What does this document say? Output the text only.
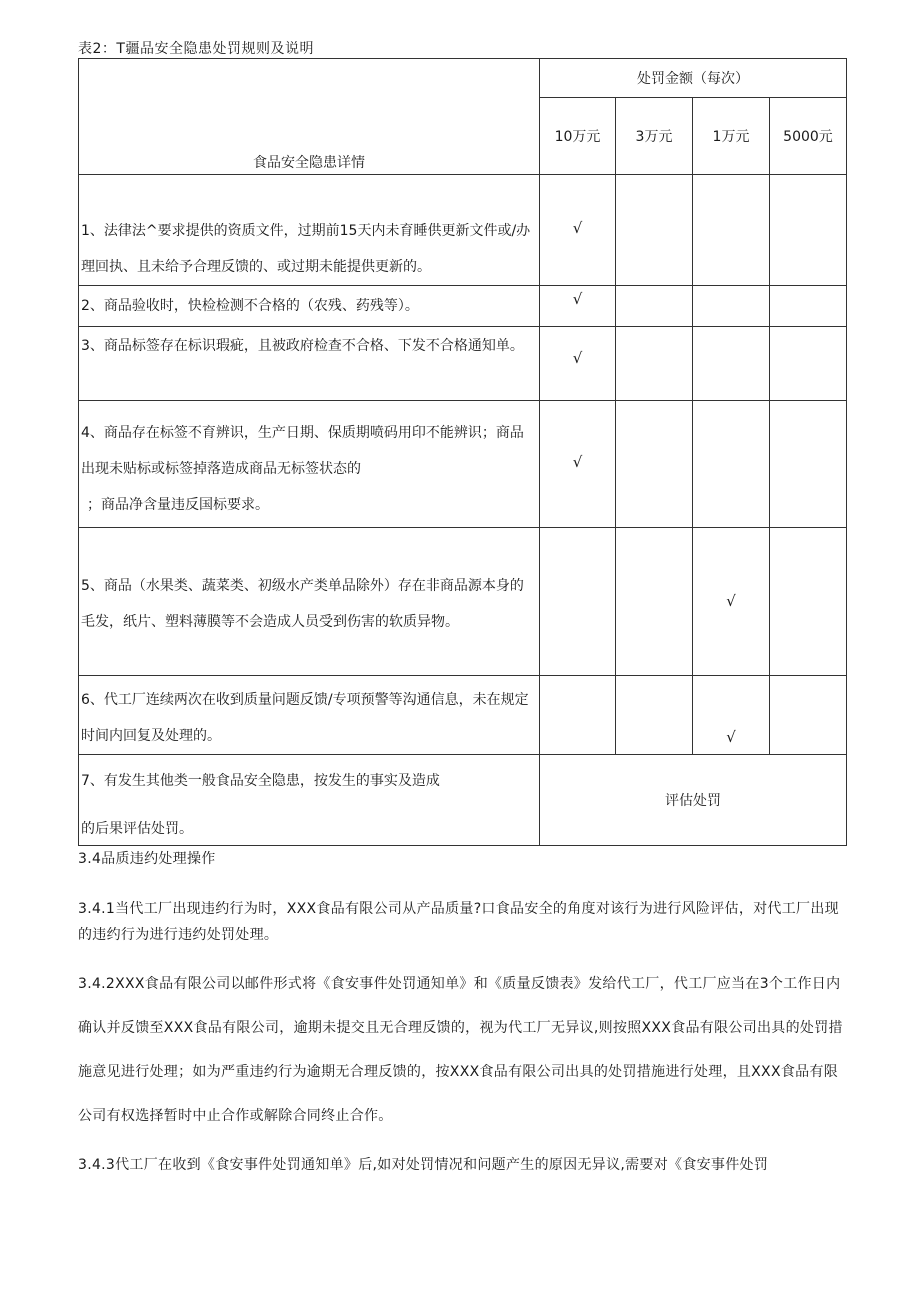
表2：T疆品安全隐患处罚规则及说明
食品安全隐患详情	处罚金额（每次）			
	10万元	3万元	1万元	5000元

1、法律法^要求提供的资质文件，过期前15天内未育睡供更新文件或/办理回执、且未给予合理反馈的、或过期未能提供更新的。	√			

2、商品验收时，快检检测不合格的（农残、药残等）。	√			

3、商品标签存在标识瑕疵，且被政府检查不合格、下发不合格通知单。	√			

4、商品存在标签不育辨识，生产日期、保质期喷码用印不能辨识；商品出现未贴标或标签掉落造成商品无标签状态的
；商品净含量违反国标要求。	√			

5、商品（水果类、蔬菜类、初级水产类单品除外）存在非商品源本身的毛发，纸片、塑料薄膜等不会造成人员受到伤害的软质异物。			√	

6、代工厂连续两次在收到质量问题反馈/专项预警等沟通信息，未在规定时间内回复及处理的。			√	

7、有发生其他类一般食品安全隐患，按发生的事实及造成
的后果评估处罚。	评估处罚			
3.4品质违约处理操作
3.4.1当代工厂出现违约行为时，XXX食品有限公司从产品质量?口食品安全的角度对该行为进行风险评估，对代工厂出现的违约行为进行违约处罚处理。
3.4.2XXX食品有限公司以邮件形式将《食安事件处罚通知单》和《质量反馈表》发给代工厂，代工厂应当在3个工作日内确认并反馈至XXX食品有限公司，逾期未提交且无合理反馈的，视为代工厂无异议,则按照XXX食品有限公司出具的处罚措施意见进行处理；如为严重违约行为逾期无合理反馈的，按XXX食品有限公司出具的处罚措施进行处理，且XXX食品有限公司有权选择暂时中止合作或解除合同终止合作。
3.4.3代工厂在收到《食安事件处罚通知单》后,如对处罚情况和问题产生的原因无异议,需要对《食安事件处罚
